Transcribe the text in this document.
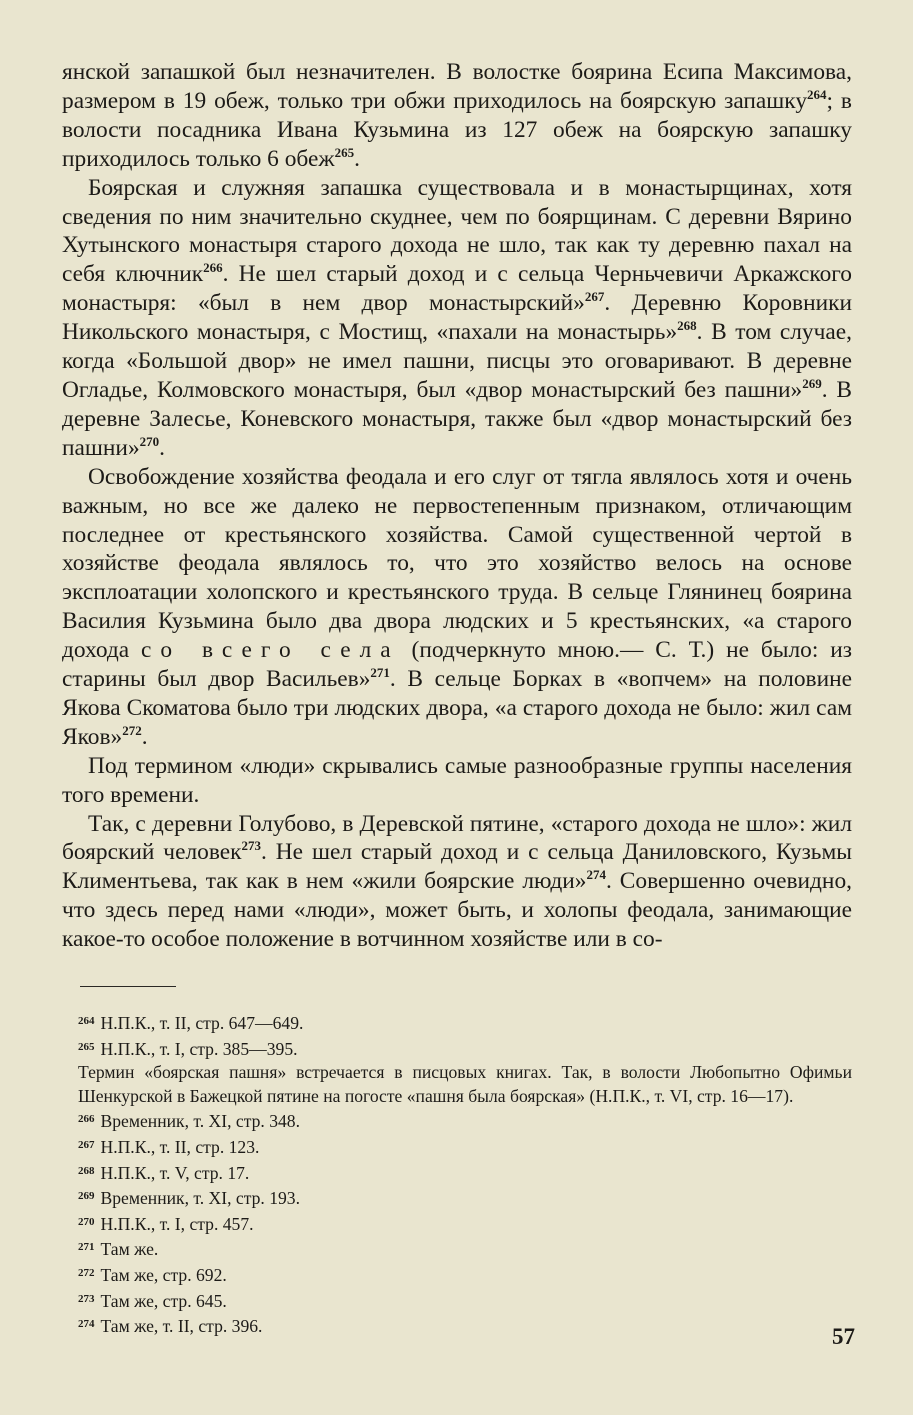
янской запашкой был незначителен. В волостке боярина Есипа Максимова, размером в 19 обеж, только три обжи приходилось на боярскую запашку$^{264}$; в волости посадника Ивана Кузьмина из 127 обеж на боярскую запашку приходилось только 6 обеж$^{265}$.

Боярская и служняя запашка существовала и в монастырщинах, хотя сведения по ним значительно скуднее, чем по боярщинам. С деревни Вярино Хутынского монастыря старого дохода не шло, так как ту деревню пахал на себя ключник$^{266}$. Не шел старый доход и с сельца Черньчевичи Аркажского монастыря: «был в нем двор монастырский»$^{267}$. Деревню Коровники Никольского монастыря, с Мостищ, «пахали на монастырь»$^{268}$. В том случае, когда «Большой двор» не имел пашни, писцы это оговаривают. В деревне Огладье, Колмовского монастыря, был «двор монастырский без пашни»$^{269}$. В деревне Залесье, Коневского монастыря, также был «двор монастырский без пашни»$^{270}$.

Освобождение хозяйства феодала и его слуг от тягла являлось хотя и очень важным, но все же далеко не первостепенным признаком, отличающим последнее от крестьянского хозяйства. Самой существенной чертой в хозяйстве феодала являлось то, что это хозяйство велось на основе эксплоатации холопского и крестьянского труда. В сельце Глянинец боярина Василия Кузьмина было два двора людских и 5 крестьянских, «а старого дохода со всего села (подчеркнуто мною.— С. Т.) не было: из старины был двор Васильев»$^{271}$. В сельце Борках в «вопчем» на половине Якова Скоматова было три людских двора, «а старого дохода не было: жил сам Яков»$^{272}$.

Под термином «люди» скрывались самые разнообразные группы населения того времени.

Так, с деревни Голубово, в Деревской пятине, «старого дохода не шло»: жил боярский человек$^{273}$. Не шел старый доход и с сельца Даниловского, Кузьмы Климентьева, так как в нем «жили боярские люди»$^{274}$. Совершенно очевидно, что здесь перед нами «люди», может быть, и холопы феодала, занимающие какое-то особое положение в вотчинном хозяйстве или в со-

$^{264}$ Н.П.К., т. II, стр. 647—649.
$^{265}$ Н.П.К., т. I, стр. 385—395.
Термин «боярская пашня» встречается в писцовых книгах. Так, в волости Любопытно Офимьи Шенкурской в Бажецкой пятине на погосте «пашня была боярская» (Н.П.К., т. VI, стр. 16—17).
$^{266}$ Временник, т. XI, стр. 348.
$^{267}$ Н.П.К., т. II, стр. 123.
$^{268}$ Н.П.К., т. V, стр. 17.
$^{269}$ Временник, т. XI, стр. 193.
$^{270}$ Н.П.К., т. I, стр. 457.
$^{271}$ Там же.
$^{272}$ Там же, стр. 692.
$^{273}$ Там же, стр. 645.
$^{274}$ Там же, т. II, стр. 396.	57
